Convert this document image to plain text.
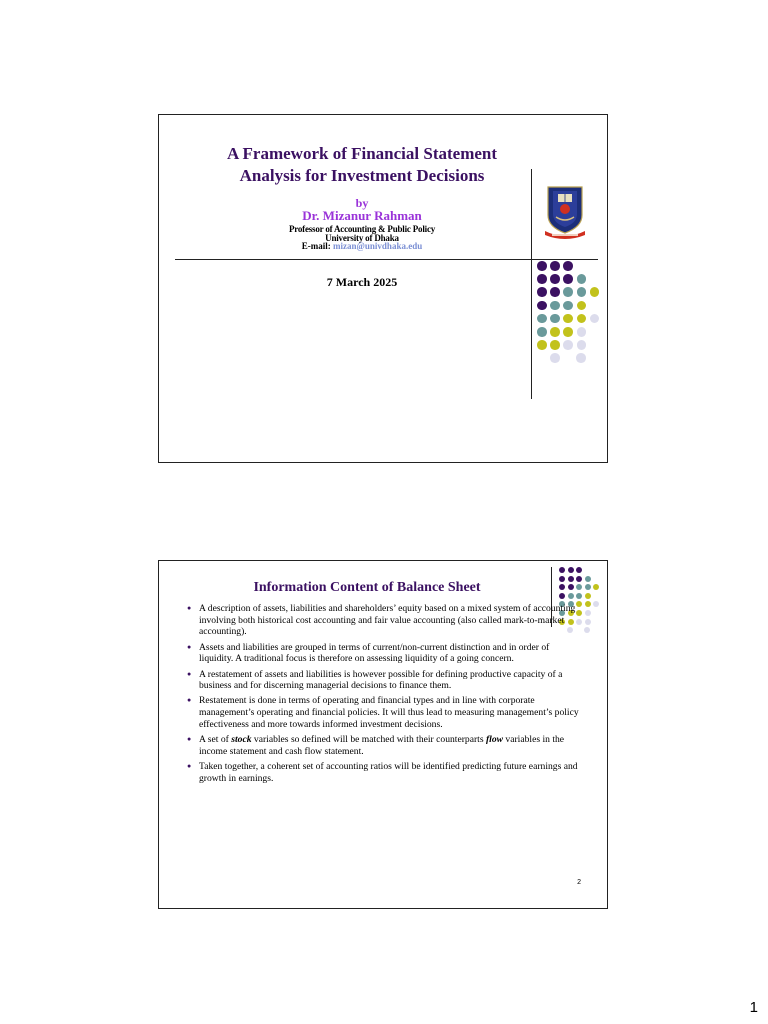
A Framework of Financial Statement
Analysis for Investment Decisions
by
Dr. Mizanur Rahman
Professor of Accounting & Public Policy
University of Dhaka
E-mail: mizan@univdhaka.edu
7 March 2025
Information Content of Balance Sheet
● A description of assets, liabilities and shareholders’ equity based on a mixed system of accounting involving both historical cost accounting and fair value accounting (also called mark-to-market accounting).
● Assets and liabilities are grouped in terms of current/non-current distinction and in order of liquidity. A traditional focus is therefore on assessing liquidity of a going concern.
● A restatement of assets and liabilities is however possible for defining productive capacity of a business and for discerning managerial decisions to finance them.
● Restatement is done in terms of operating and financial types and in line with corporate management’s operating and financial policies. It will thus lead to measuring management’s policy effectiveness and more towards informed investment decisions.
● A set of stock variables so defined will be matched with their counterparts flow variables in the income statement and cash flow statement.
● Taken together, a coherent set of accounting ratios will be identified predicting future earnings and growth in earnings.
2
1
